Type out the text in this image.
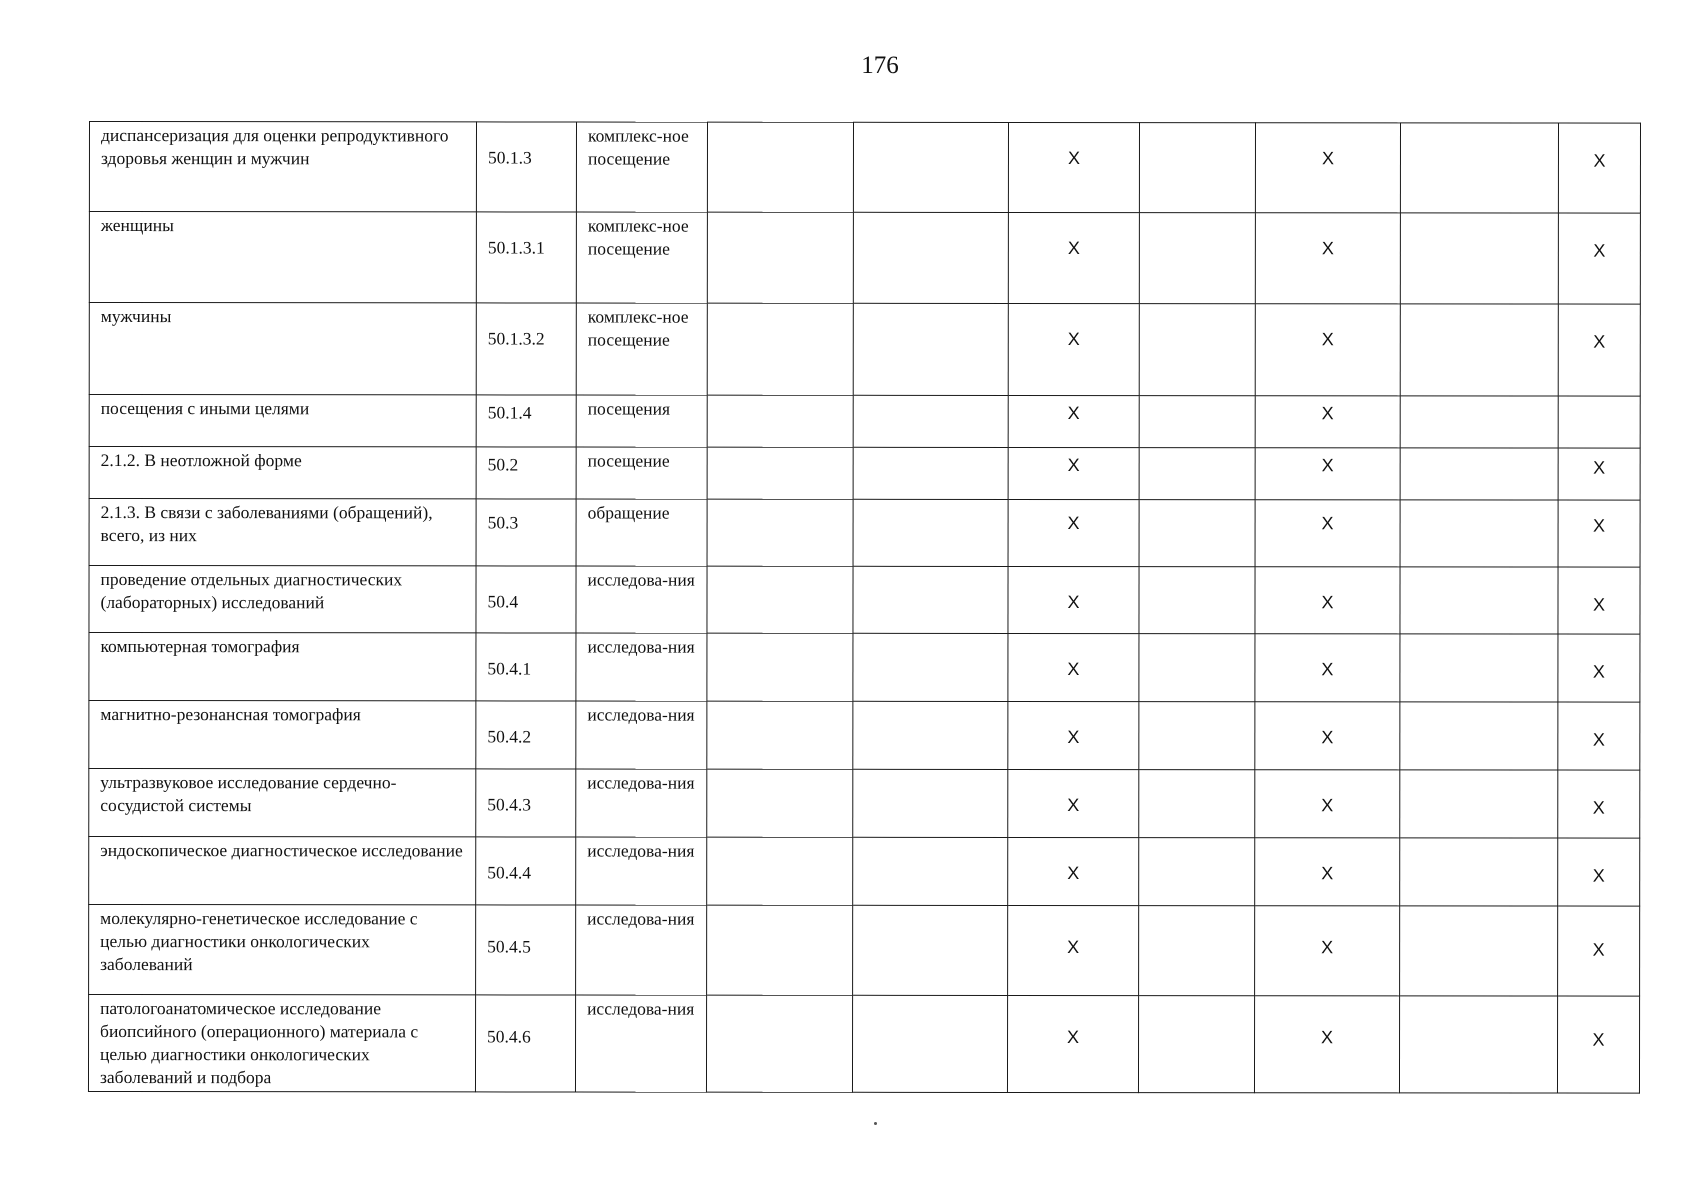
176
диспансеризация для оценки репродуктивного здоровья женщин и мужчин	50.1.3	комплекс-ное посещение			X		X		X
женщины	50.1.3.1	комплекс-ное посещение			X		X		X
мужчины	50.1.3.2	комплекс-ное посещение			X		X		X
посещения с иными целями	50.1.4	посещения			X		X		
2.1.2. В неотложной форме	50.2	посещение			X		X		X
2.1.3. В связи с заболеваниями (обращений), всего, из них	50.3	обращение			X		X		X
проведение отдельных диагностических (лабораторных) исследований	50.4	исследова-ния			X		X		X
компьютерная томография	50.4.1	исследова-ния			X		X		X
магнитно-резонансная томография	50.4.2	исследова-ния			X		X		X
ультразвуковое исследование сердечно-сосудистой системы	50.4.3	исследова-ния			X		X		X
эндоскопическое диагностическое исследование	50.4.4	исследова-ния			X		X		X
молекулярно-генетическое исследование с целью диагностики онкологических заболеваний	50.4.5	исследова-ния			X		X		X
патологоанатомическое исследование биопсийного (операционного) материала с целью диагностики онкологических заболеваний и подбора	50.4.6	исследова-ния			X		X		X
